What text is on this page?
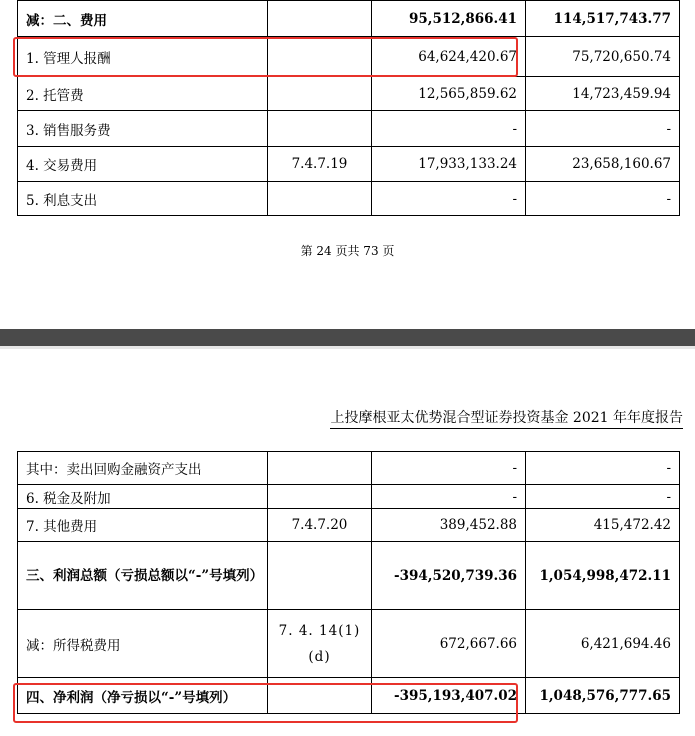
减：二、费用		95,512,866.41	114,517,743.77
1. 管理人报酬		64,624,420.67	75,720,650.74
2. 托管费		12,565,859.62	14,723,459.94
3. 销售服务费		-	-
4. 交易费用	7.4.7.19	17,933,133.24	23,658,160.67
5. 利息支出		-	-
第 24 页共 73 页
上投摩根亚太优势混合型证券投资基金 2021 年年度报告
其中：卖出回购金融资产支出		-	-
6. 税金及附加		-	-
7. 其他费用	7.4.7.20	389,452.88	415,472.42
三、利润总额（亏损总额以“-”号填列）		-394,520,739.36	1,054,998,472.11
减：所得税费用	7. 4. 14(1)(d)	672,667.66	6,421,694.46
四、净利润（净亏损以“-”号填列）		-395,193,407.02	1,048,576,777.65
